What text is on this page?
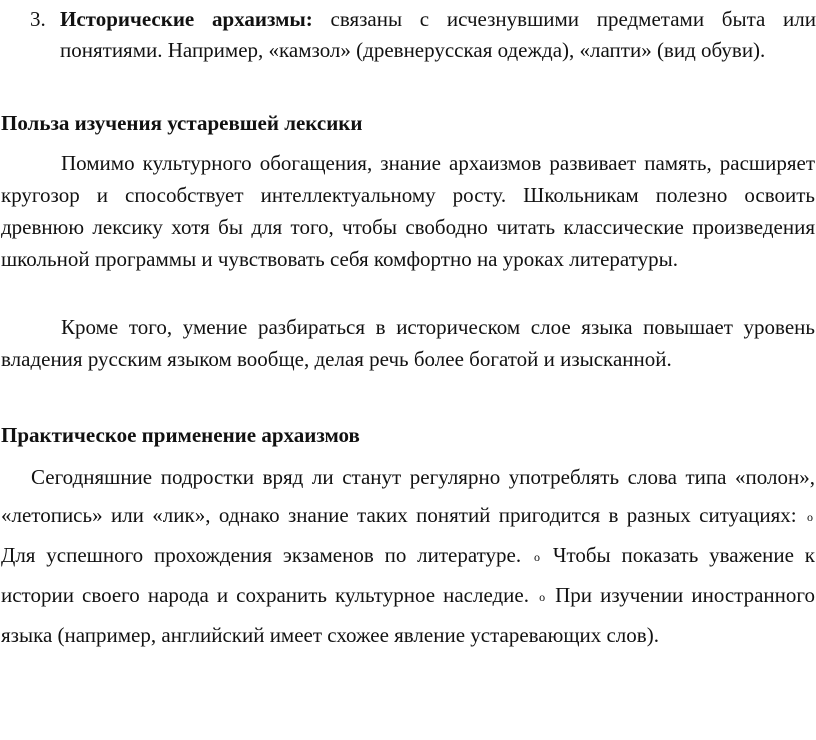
3. Исторические архаизмы: связаны с исчезнувшими предметами быта или понятиями. Например, «камзол» (древнерусская одежда), «лапти» (вид обуви).
Польза изучения устаревшей лексики
Помимо культурного обогащения, знание архаизмов развивает память, расширяет кругозор и способствует интеллектуальному росту. Школьникам полезно освоить древнюю лексику хотя бы для того, чтобы свободно читать классические произведения школьной программы и чувствовать себя комфортно на уроках литературы.
Кроме того, умение разбираться в историческом слое языка повышает уровень владения русским языком вообще, делая речь более богатой и изысканной.
Практическое применение архаизмов
Сегодняшние подростки вряд ли станут регулярно употреблять слова типа «полон», «летопись» или «лик», однако знание таких понятий пригодится в разных ситуациях: o Для успешного прохождения экзаменов по литературе. o Чтобы показать уважение к истории своего народа и сохранить культурное наследие. o При изучении иностранного языка (например, английский имеет схожее явление устаревающих слов).
